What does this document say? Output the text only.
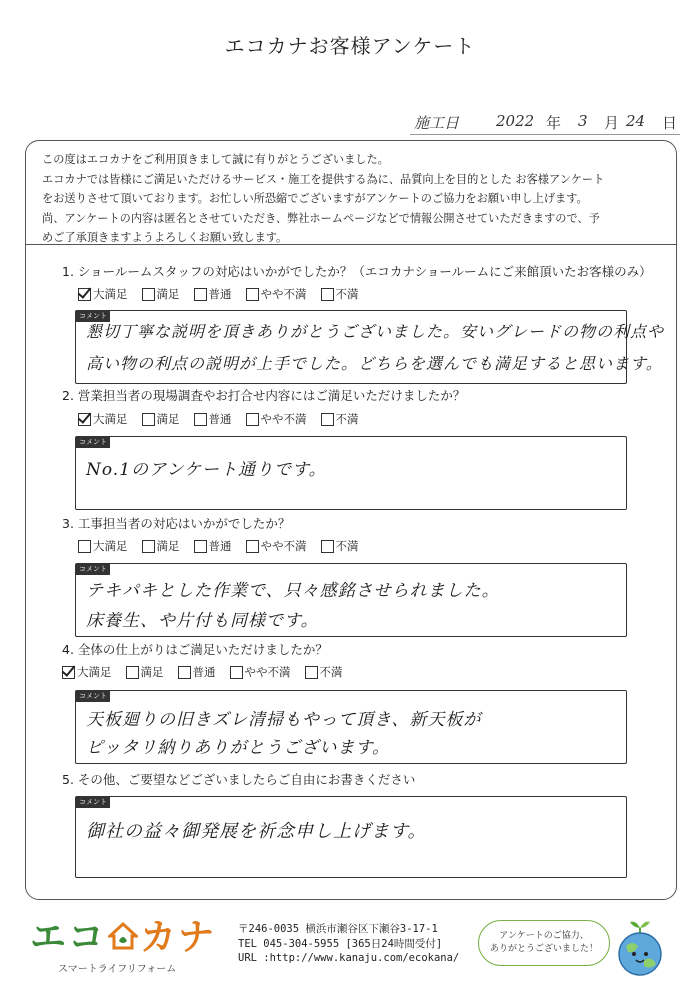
エコカナお客様アンケート
施工日 2022 年 3 月 24 日

この度はエコカナをご利用頂きまして誠に有りがとうございました。

エコカナでは皆様にご満足いただけるサービス・施工を提供する為に、品質向上を目的とした お客様アンケート

をお送りさせて頂いております。お忙しい所恐縮でございますがアンケートのご協力をお願い申し上げます。

尚、アンケートの内容は匿名とさせていただき、弊社ホームページなどで情報公開させていただきますので、予

めご了承頂きますようよろしくお願い致します。

1. ショールームスタッフの対応はいかがでしたか？（エコカナショールームにご来館頂いたお客様のみ）
大満足	満足	普通	やや不満	不満
コメント
懇切丁寧な説明を頂きありがとうございました。安いグレードの物の利点や
高い物の利点の説明が上手でした。どちらを選んでも満足すると思います。
2. 営業担当者の現場調査やお打合せ内容にはご満足いただけましたか？
大満足	満足	普通	やや不満	不満
コメント
No.1のアンケート通りです。
3. 工事担当者の対応はいかがでしたか？
大満足	満足	普通	やや不満	不満
コメント
テキパキとした作業で、只々感銘させられました。
床養生、や片付も同様です。
4. 全体の仕上がりはご満足いただけましたか？
大満足	満足	普通	やや不満	不満
コメント
天板廻りの旧きズレ清掃もやって頂き、新天板が
ピッタリ納りありがとうございます。
5. その他、ご要望などございましたらご自由にお書きください
コメント
御社の益々御発展を祈念申し上げます。
エコ カナ
スマートライフリフォーム
〒246-0035 横浜市瀬谷区下瀬谷3-17-1
TEL 045-304-5955 [365日24時間受付]
URL :http://www.kanaju.com/ecokana/
アンケートのご協力、
ありがとうございました！
